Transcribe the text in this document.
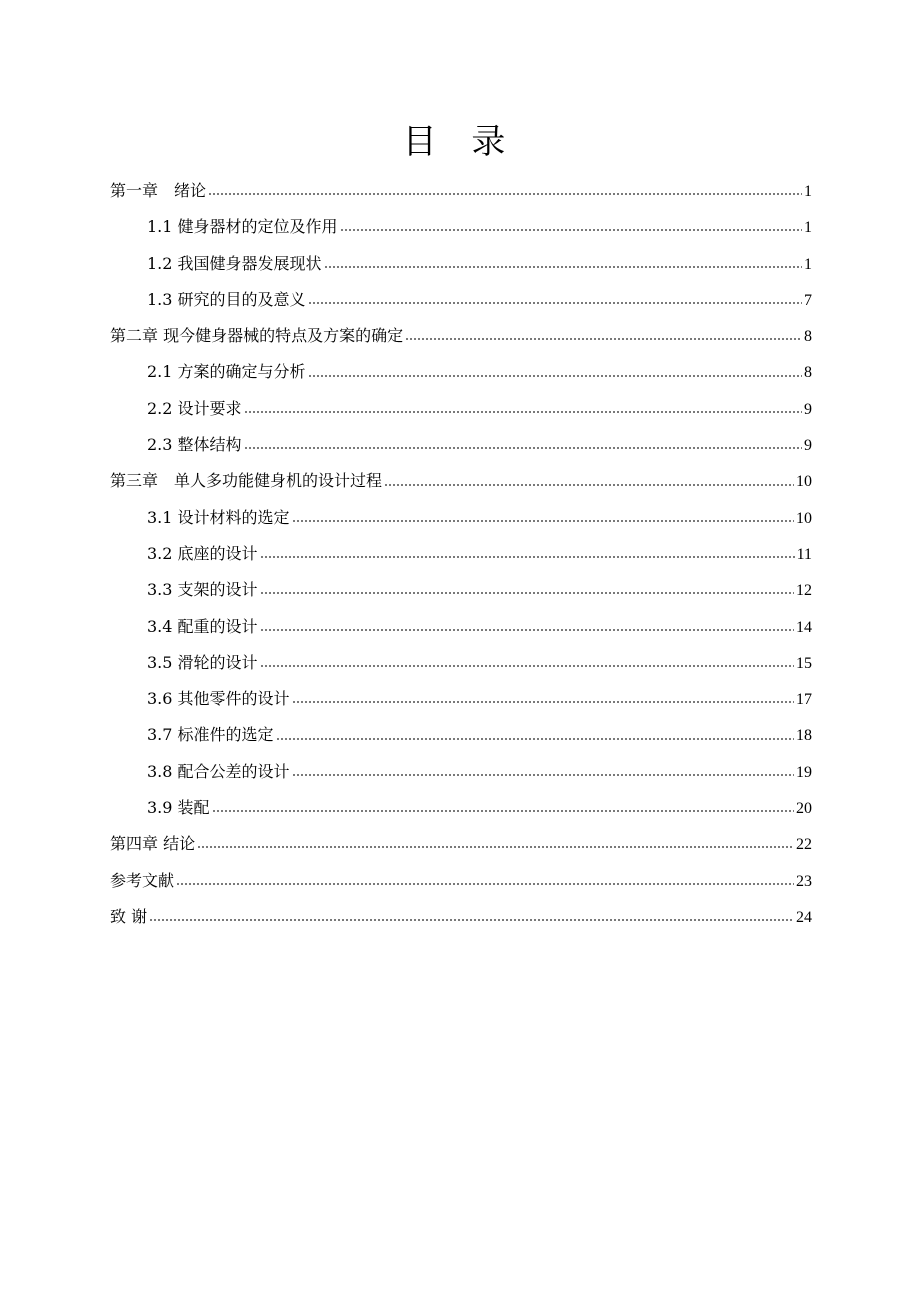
目 录
第一章　绪论	1
1.1 健身器材的定位及作用	1
1.2 我国健身器发展现状	1
1.3 研究的目的及意义	7
第二章 现今健身器械的特点及方案的确定	8
2.1 方案的确定与分析	8
2.2 设计要求	9
2.3 整体结构	9
第三章　单人多功能健身机的设计过程	10
3.1 设计材料的选定	10
3.2 底座的设计	11
3.3 支架的设计	12
3.4 配重的设计	14
3.5 滑轮的设计	15
3.6 其他零件的设计	17
3.7 标准件的选定	18
3.8 配合公差的设计	19
3.9 装配	20
第四章 结论	22
参考文献	23
致 谢	24
